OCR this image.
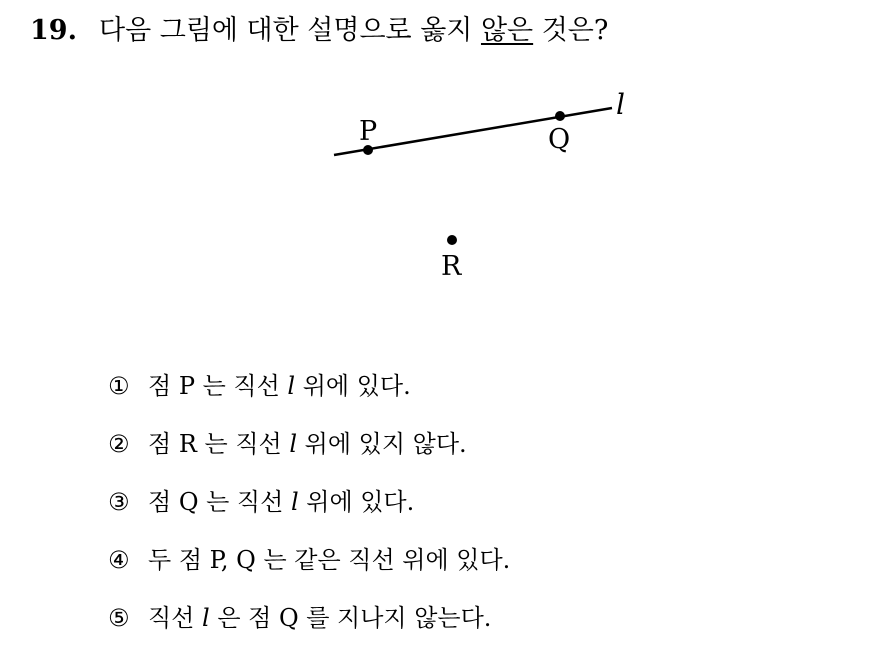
19. 다음 그림에 대한 설명으로 옳지 않은 것은?
l
P	Q
R
① 점 P 는 직선 l 위에 있다.
② 점 R 는 직선 l 위에 있지 않다.
③ 점 Q 는 직선 l 위에 있다.
④ 두 점 P, Q 는 같은 직선 위에 있다.
⑤ 직선 l 은 점 Q 를 지나지 않는다.
